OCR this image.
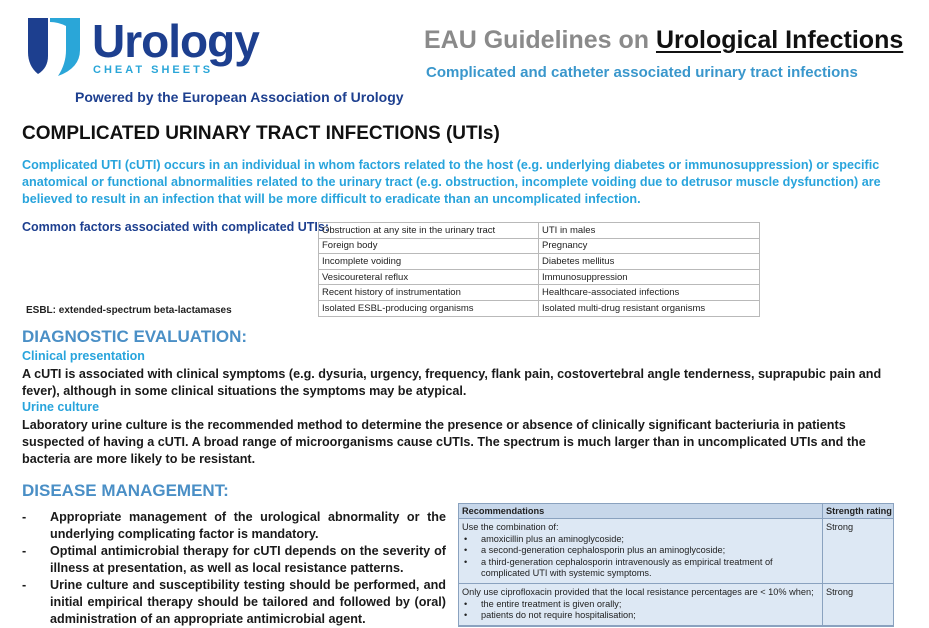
Urology
CHEAT SHEETS
Powered by the European Association of Urology
EAU Guidelines on Urological Infections
Complicated and catheter associated urinary tract infections
COMPLICATED URINARY TRACT INFECTIONS (UTIs)
Complicated UTI (cUTI) occurs in an individual in whom factors related to the host (e.g. underlying diabetes or immunosuppression) or specific anatomical or functional abnormalities related to the urinary tract (e.g. obstruction, incomplete voiding due to detrusor muscle dysfunction) are believed to result in an infection that will be more difficult to eradicate than an uncomplicated infection.
Common factors associated with complicated UTIs:
ESBL: extended-spectrum beta-lactamases
Obstruction at any site in the urinary tract	UTI in males
Foreign body	Pregnancy
Incomplete voiding	Diabetes mellitus
Vesicoureteral reflux	Immunosuppression
Recent history of instrumentation	Healthcare-associated infections
Isolated ESBL-producing organisms	Isolated multi-drug resistant organisms
DIAGNOSTIC EVALUATION:
Clinical presentation
A cUTI is associated with clinical symptoms (e.g. dysuria, urgency, frequency, flank pain, costovertebral angle tenderness, suprapubic pain and fever), although in some clinical situations the symptoms may be atypical.
Urine culture
Laboratory urine culture is the recommended method to determine the presence or absence of clinically significant bacteriuria in patients suspected of having a cUTI. A broad range of microorganisms cause cUTIs. The spectrum is much larger than in uncomplicated UTIs and the bacteria are more likely to be resistant.
DISEASE MANAGEMENT:
- Appropriate management of the urological abnormality or the underlying complicating factor is mandatory.
- Optimal antimicrobial therapy for cUTI depends on the severity of illness at presentation, as well as local resistance patterns.
- Urine culture and susceptibility testing should be performed, and initial empirical therapy should be tailored and followed by (oral) administration of an appropriate antimicrobial agent.
Recommendations	Strength rating
Use the combination of:
• amoxicillin plus an aminoglycoside;
• a second-generation cephalosporin plus an aminoglycoside;
• a third-generation cephalosporin intravenously as empirical treatment of complicated UTI with systemic symptoms.
Strong
Only use ciprofloxacin provided that the local resistance percentages are < 10% when;
• the entire treatment is given orally;
• patients do not require hospitalisation;
Strong
